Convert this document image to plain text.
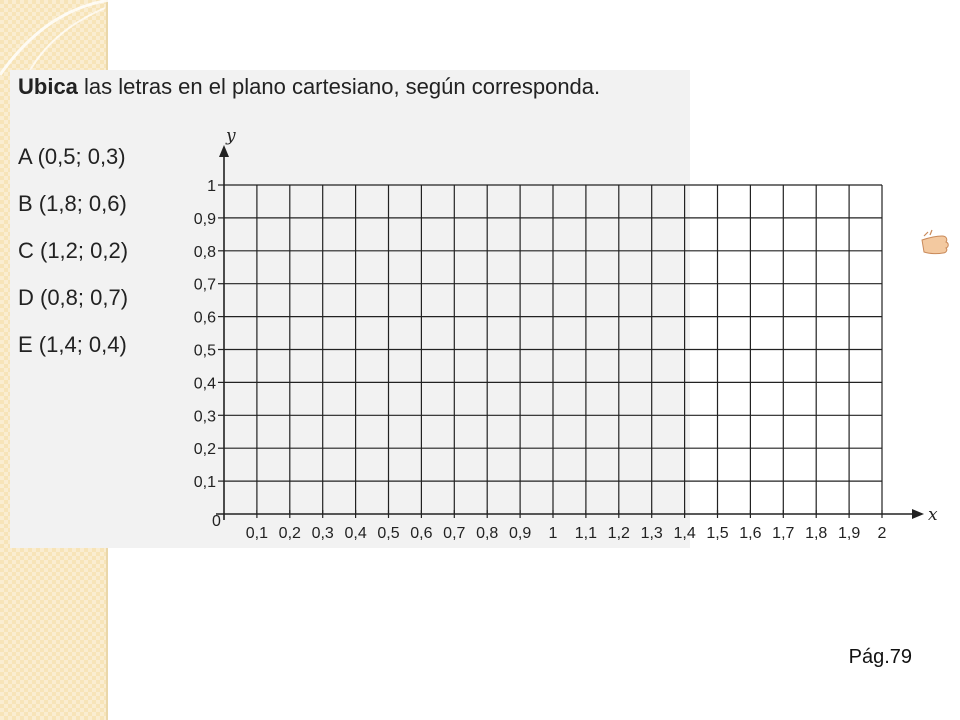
Ubica las letras en el plano cartesiano, según corresponda.
A (0,5; 0,3)
B (1,8; 0,6)
C (1,2; 0,2)
D (0,8; 0,7)
E (1,4; 0,4)
0,1 0,2 0,3 0,4 0,5 0,6 0,7 0,8 0,9 1 1,1 1,2 1,3 1,4 1,5 1,6 1,7 1,8 1,9 2
0,1
0,2
0,3
0,4
0,5
0,6
0,7
0,8
0,9
1
x
y
0
Pág.79
